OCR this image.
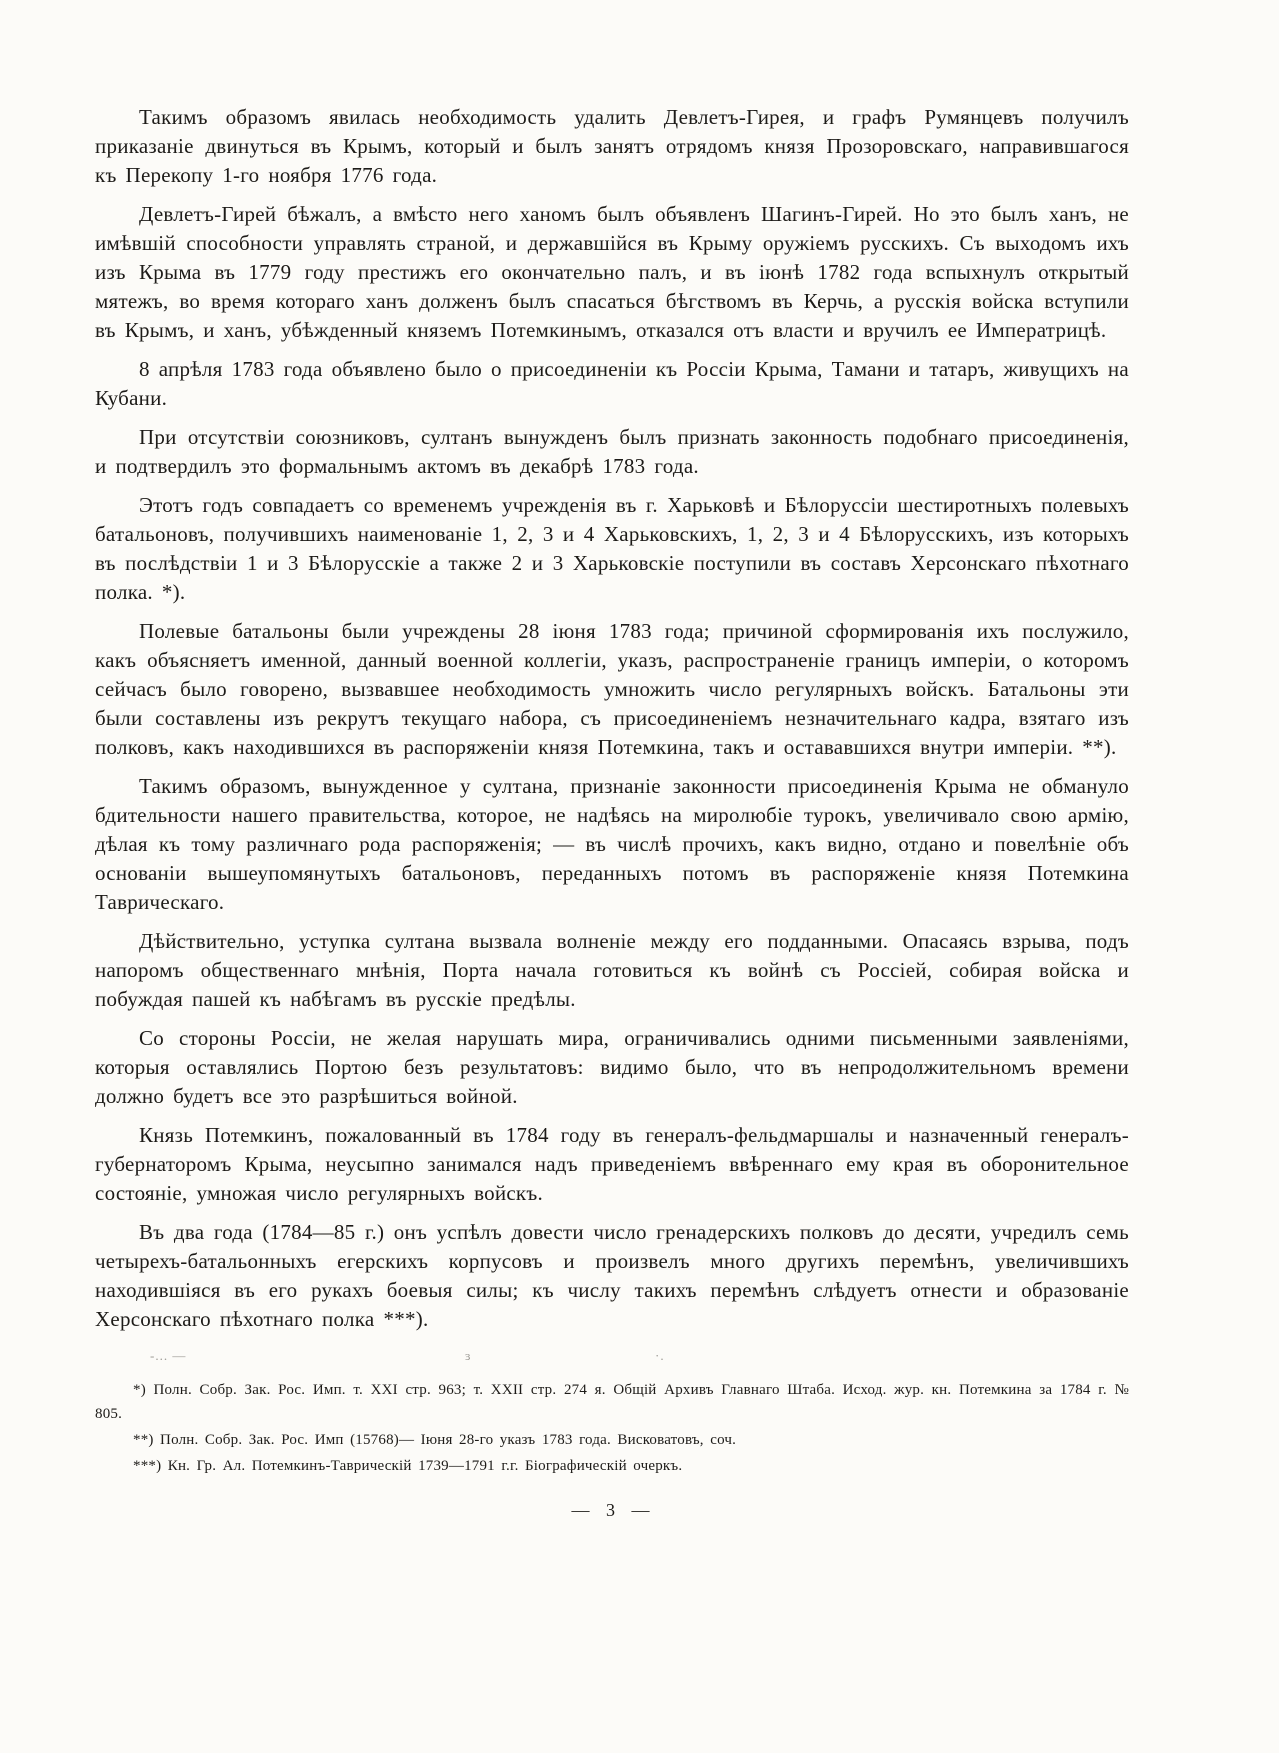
Такимъ образомъ явилась необходимость удалить Девлетъ-Гирея, и графъ Румянцевъ получилъ приказаніе двинуться въ Крымъ, который и былъ занятъ отрядомъ князя Прозоровскаго, направившагося къ Перекопу 1-го ноября 1776 года.

Девлетъ-Гирей бѣжалъ, а вмѣсто него ханомъ былъ объявленъ Шагинъ-Гирей. Но это былъ ханъ, не имѣвшій способности управлять страной, и державшійся въ Крыму оружіемъ русскихъ. Съ выходомъ ихъ изъ Крыма въ 1779 году престижъ его окончательно палъ, и въ іюнѣ 1782 года вспыхнулъ открытый мятежъ, во время котораго ханъ долженъ былъ спасаться бѣгствомъ въ Керчь, а русскія войска вступили въ Крымъ, и ханъ, убѣжденный княземъ Потемкинымъ, отказался отъ власти и вручилъ ее Императрицѣ.

8 апрѣля 1783 года объявлено было о присоединеніи къ Россіи Крыма, Тамани и татаръ, живущихъ на Кубани.

При отсутствіи союзниковъ, султанъ вынужденъ былъ признать законность подобнаго присоединенія, и подтвердилъ это формальнымъ актомъ въ декабрѣ 1783 года.

Этотъ годъ совпадаетъ со временемъ учрежденія въ г. Харьковѣ и Бѣлоруссіи шестиротныхъ полевыхъ батальоновъ, получившихъ наименованіе 1, 2, 3 и 4 Харьковскихъ, 1, 2, 3 и 4 Бѣлорусскихъ, изъ которыхъ въ послѣдствіи 1 и 3 Бѣлорусскіе а также 2 и 3 Харьковскіе поступили въ составъ Херсонскаго пѣхотнаго полка. *).

Полевые батальоны были учреждены 28 іюня 1783 года; причиной сформированія ихъ послужило, какъ объясняетъ именной, данный военной коллегіи, указъ, распространеніе границъ имперіи, о которомъ сейчасъ было говорено, вызвавшее необходимость умножить число регулярныхъ войскъ. Батальоны эти были составлены изъ рекрутъ текущаго набора, съ присоединеніемъ незначительнаго кадра, взятаго изъ полковъ, какъ находившихся въ распоряженіи князя Потемкина, такъ и остававшихся внутри имперіи. **).

Такимъ образомъ, вынужденное у султана, признаніе законности присоединенія Крыма не обмануло бдительности нашего правительства, которое, не надѣясь на миролюбіе турокъ, увеличивало свою армію, дѣлая къ тому различнаго рода распоряженія; — въ числѣ прочихъ, какъ видно, отдано и повелѣніе объ основаніи вышеупомянутыхъ батальоновъ, переданныхъ потомъ въ распоряженіе князя Потемкина Таврическаго.

Дѣйствительно, уступка султана вызвала волненіе между его подданными. Опасаясь взрыва, подъ напоромъ общественнаго мнѣнія, Порта начала готовиться къ войнѣ съ Россіей, собирая войска и побуждая пашей къ набѣгамъ въ русскіе предѣлы.

Со стороны Россіи, не желая нарушать мира, ограничивались одними письменными заявленіями, которыя оставлялись Портою безъ результатовъ: видимо было, что въ непродолжительномъ времени должно будетъ все это разрѣшиться войной.

Князь Потемкинъ, пожалованный въ 1784 году въ генералъ-фельдмаршалы и назначенный генералъ-губернаторомъ Крыма, неусыпно занимался надъ приведеніемъ ввѣреннаго ему края въ оборонительное состояніе, умножая число регулярныхъ войскъ.

Въ два года (1784—85 г.) онъ успѣлъ довести число гренадерскихъ полковъ до десяти, учредилъ семь четырехъ-батальонныхъ егерскихъ корпусовъ и произвелъ много другихъ перемѣнъ, увеличившихъ находившіяся въ его рукахъ боевыя силы; къ числу такихъ перемѣнъ слѣдуетъ отнести и образованіе Херсонскаго пѣхотнаго полка ***).

-... —	ɜ	·.

*) Полн. Собр. Зак. Рос. Имп. т. XXI стр. 963; т. XXII стр. 274 я. Общій Архивъ Главнаго Штаба. Исход. жур. кн. Потемкина за 1784 г. № 805.

**) Полн. Собр. Зак. Рос. Имп (15768)— Іюня 28-го указъ 1783 года. Висковатовъ, соч.

***) Кн. Гр. Ал. Потемкинъ-Таврическій 1739—1791 г.г. Біографическій очеркъ.

— 3 —
